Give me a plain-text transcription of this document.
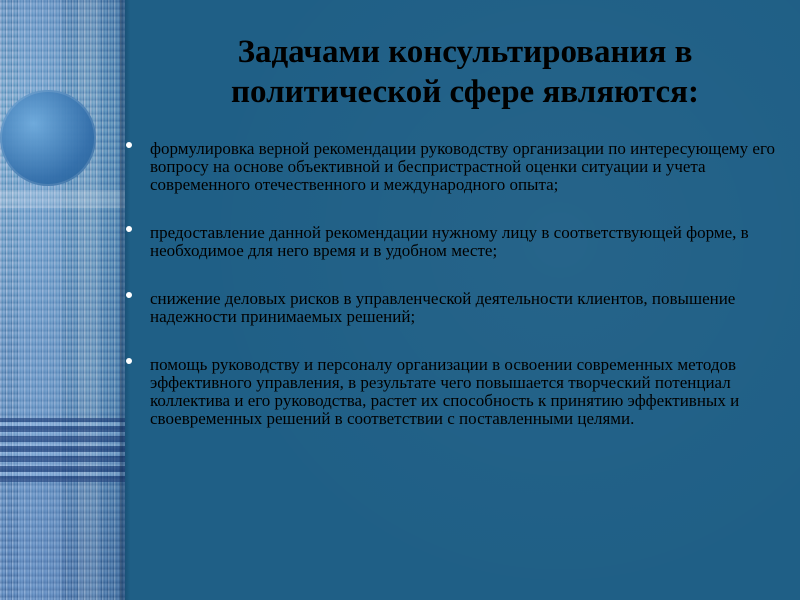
Задачами консультирования в
политической сфере являются:
формулировка верной рекомендации руководству организации по интересующему его вопросу на основе объективной и беспристрастной оценки ситуации и учета современного отечественного и международного опыта;
предоставление данной рекомендации нужному лицу в соответствующей форме, в необходимое для него время и в удобном месте;
снижение деловых рисков в управленческой деятельности клиентов, повышение надежности принимаемых решений;
помощь руководству и персоналу организации в освоении современных методов эффективного управления, в результате чего повышается творческий потенциал коллектива и его руководства, растет их способность к принятию эффективных и своевременных решений в соответствии с поставленными целями.
